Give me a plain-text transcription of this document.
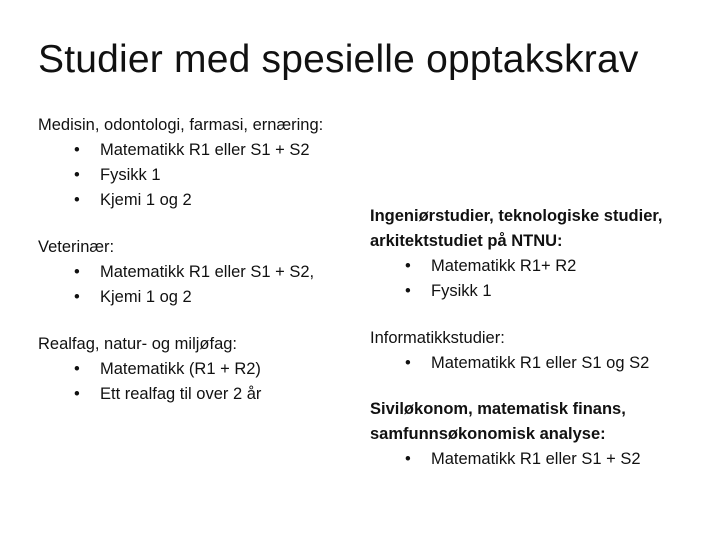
Studier med spesielle opptakskrav
Medisin, odontologi, farmasi, ernæring:
• Matematikk R1 eller S1 + S2
• Fysikk 1
• Kjemi 1 og 2
Veterinær:
• Matematikk R1 eller S1 + S2,
• Kjemi 1 og 2
Realfag, natur- og miljøfag:
• Matematikk (R1 + R2)
• Ett realfag til over 2 år
Ingeniørstudier, teknologiske studier,
arkitektstudiet på NTNU:
• Matematikk R1+ R2
• Fysikk 1
Informatikkstudier:
• Matematikk R1 eller S1 og S2
Siviløkonom, matematisk finans,
samfunnsøkonomisk analyse:
• Matematikk R1 eller S1 + S2
